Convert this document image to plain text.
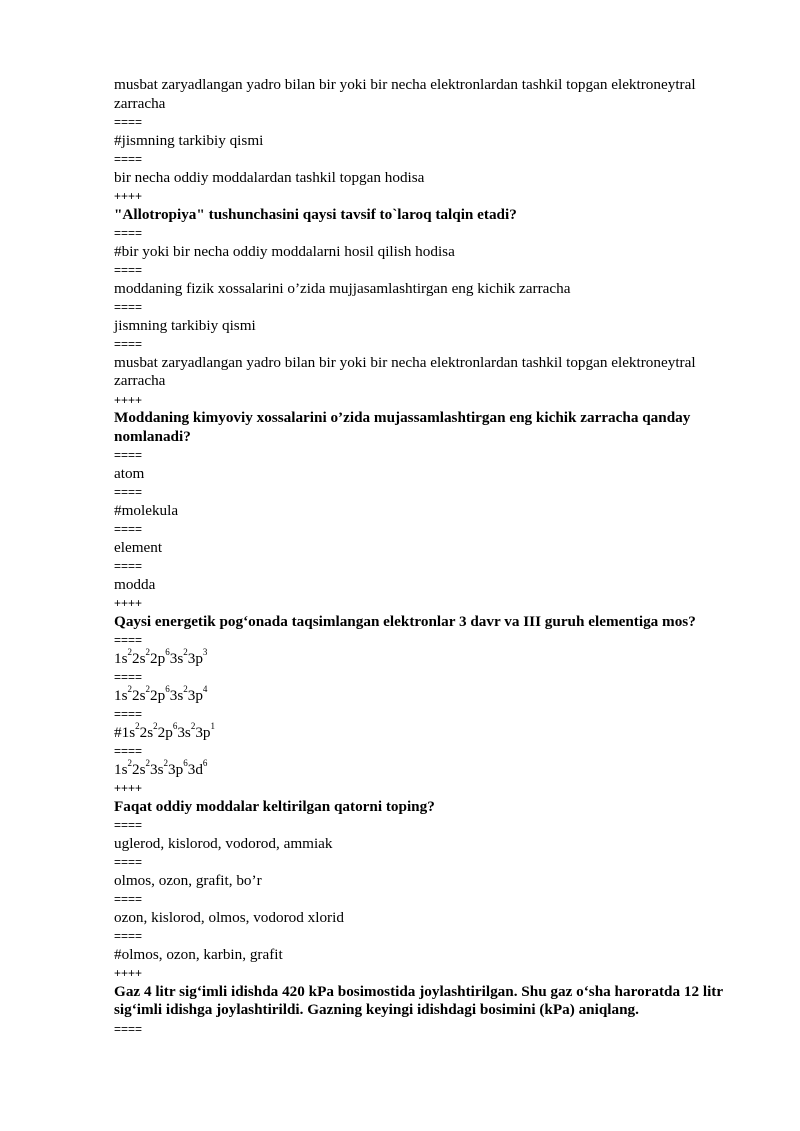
musbat zaryadlangan yadro bilan bir yoki bir necha elektronlardan tashkil topgan elektroneytral zarracha

====

#jismning tarkibiy qismi

====

bir necha oddiy moddalardan tashkil topgan hodisa

++++

"Allotropiya" tushunchasini qaysi tavsif to`laroq talqin etadi?

====

#bir yoki bir necha oddiy moddalarni hosil qilish hodisa

====

moddaning fizik xossalarini o’zida mujjasamlashtirgan eng kichik zarracha

====

jismning tarkibiy qismi

====

musbat zaryadlangan yadro bilan bir yoki bir necha elektronlardan tashkil topgan elektroneytral zarracha

++++

Moddaning kimyoviy xossalarini o’zida mujassamlashtirgan eng kichik zarracha qanday nomlanadi?

====

atom

====

#molekula

====

element

====

modda

++++

Qaysi energetik pog‘onada taqsimlangan elektronlar 3 davr va III guruh elementiga mos?

====

$1s^22s^22p^63s^23p^3$

====

$1s^22s^22p^63s^23p^4$

====

$\#1s^22s^22p^63s^23p^1$

====

$1s^22s^23s^23p^63d^6$

++++

Faqat oddiy moddalar keltirilgan qatorni toping?

====

uglerod, kislorod, vodorod, ammiak

====

olmos, ozon, grafit, bo’r

====

ozon, kislorod, olmos, vodorod xlorid

====

#olmos, ozon, karbin, grafit

++++

Gaz 4 litr sig‘imli idishda 420 kPa bosimostida joylashtirilgan. Shu gaz o‘sha haroratda 12 litr sig‘imli idishga joylashtirildi. Gazning keyingi idishdagi bosimini (kPa) aniqlang.

====
